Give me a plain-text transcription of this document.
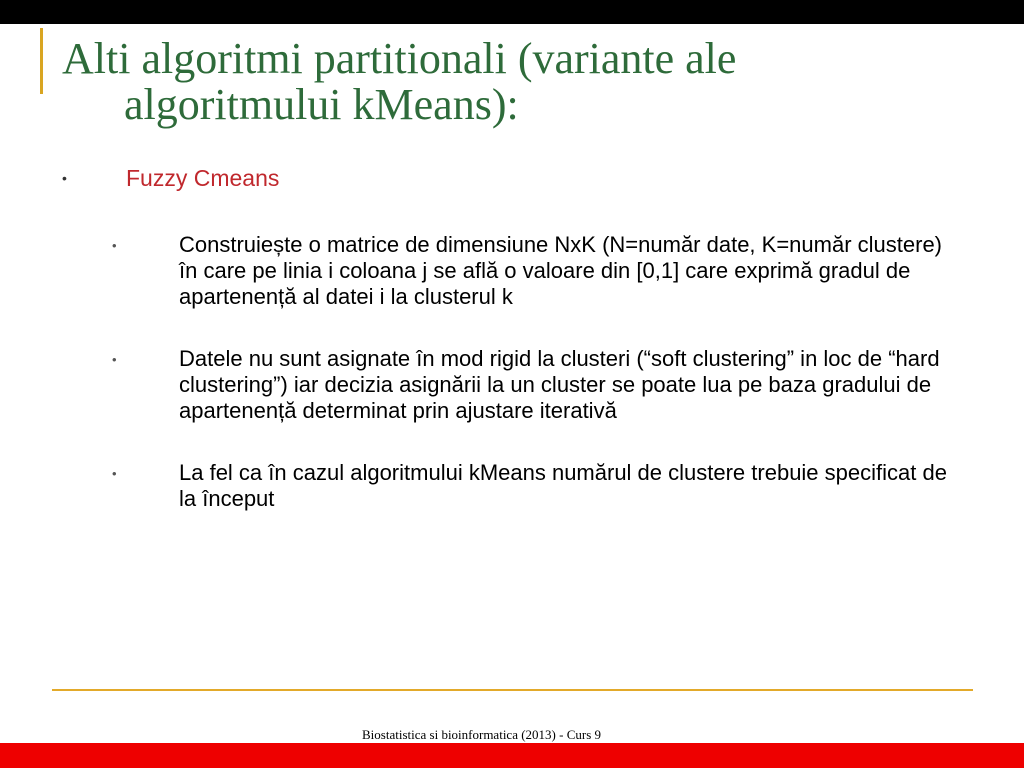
Alti algoritmi partitionali (variante ale
algoritmului kMeans):
•	Fuzzy Cmeans
•	Construiește o matrice de dimensiune NxK (N=număr date, K=număr clustere) în care pe linia i coloana j se află o valoare din [0,1] care exprimă gradul de apartenență al datei i la clusterul k
•	Datele nu sunt asignate în mod rigid la clusteri (“soft clustering” in loc de “hard clustering”) iar decizia asignării la un cluster se poate lua pe baza gradului de apartenență determinat prin ajustare iterativă
•	La fel ca în cazul algoritmului kMeans numărul de clustere trebuie specificat de la început
Biostatistica si bioinformatica (2013) - Curs 9
